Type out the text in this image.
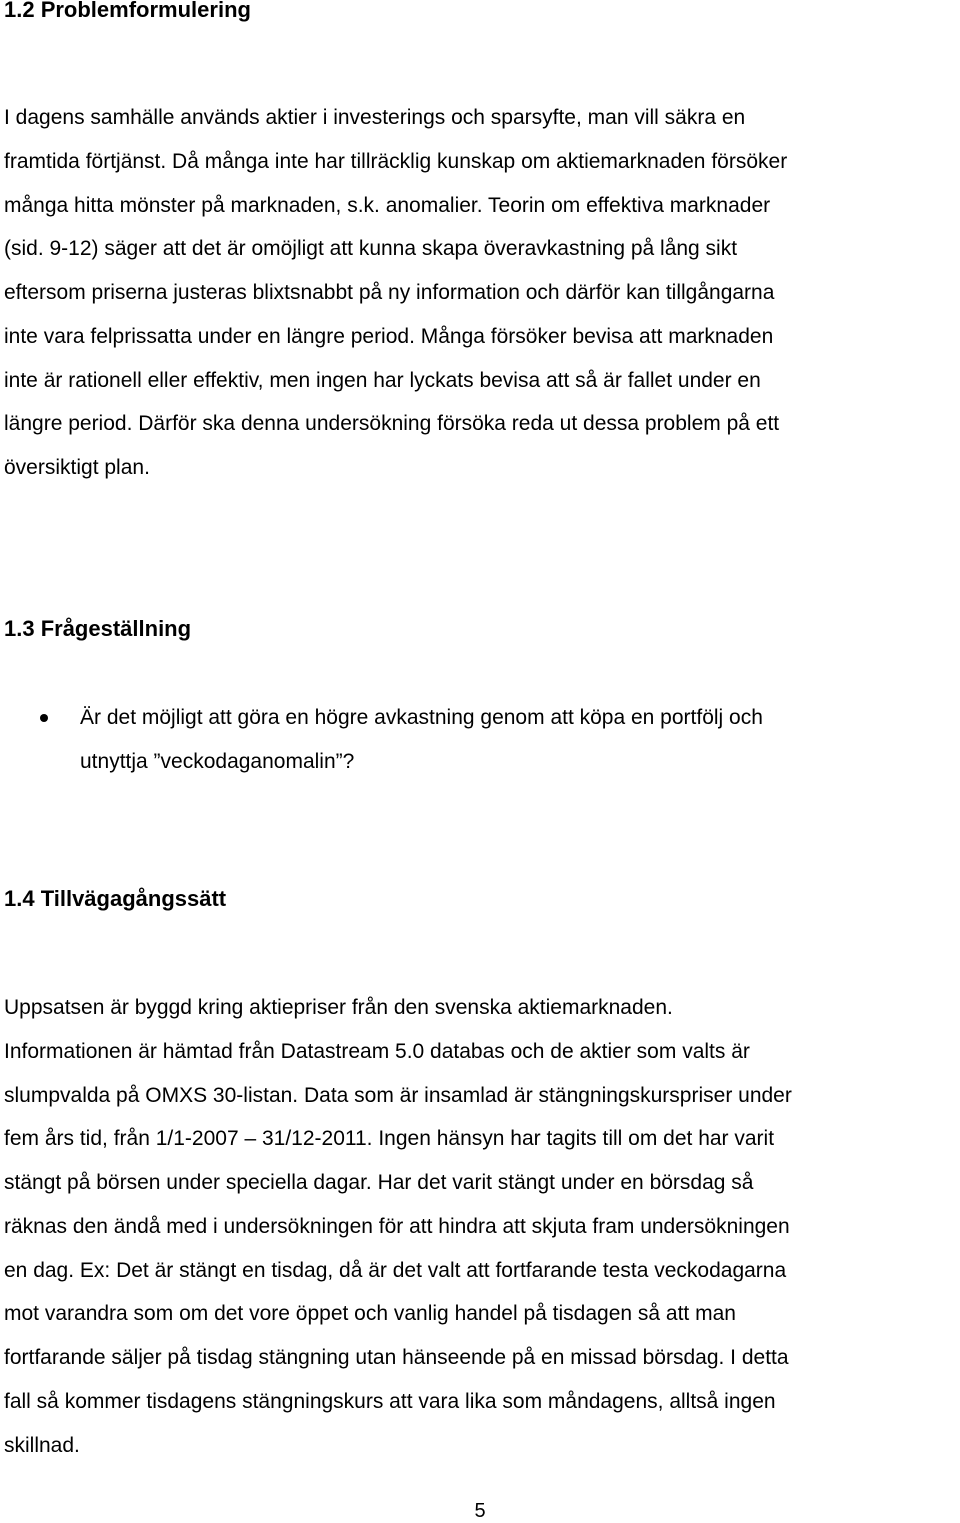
1.2 Problemformulering
I dagens samhälle används aktier i investerings och sparsyfte, man vill säkra en
framtida förtjänst. Då många inte har tillräcklig kunskap om aktiemarknaden försöker
många hitta mönster på marknaden, s.k. anomalier. Teorin om effektiva marknader
(sid. 9-12) säger att det är omöjligt att kunna skapa överavkastning på lång sikt
eftersom priserna justeras blixtsnabbt på ny information och därför kan tillgångarna
inte vara felprissatta under en längre period. Många försöker bevisa att marknaden
inte är rationell eller effektiv, men ingen har lyckats bevisa att så är fallet under en
längre period. Därför ska denna undersökning försöka reda ut dessa problem på ett
översiktigt plan.
1.3 Frågeställning
Är det möjligt att göra en högre avkastning genom att köpa en portfölj och
utnyttja ”veckodaganomalin”?
1.4 Tillvägagångssätt
Uppsatsen är byggd kring aktiepriser från den svenska aktiemarknaden.
Informationen är hämtad från Datastream 5.0 databas och de aktier som valts är
slumpvalda på OMXS 30-listan. Data som är insamlad är stängningskurspriser under
fem års tid, från 1/1-2007 – 31/12-2011. Ingen hänsyn har tagits till om det har varit
stängt på börsen under speciella dagar. Har det varit stängt under en börsdag så
räknas den ändå med i undersökningen för att hindra att skjuta fram undersökningen
en dag. Ex: Det är stängt en tisdag, då är det valt att fortfarande testa veckodagarna
mot varandra som om det vore öppet och vanlig handel på tisdagen så att man
fortfarande säljer på tisdag stängning utan hänseende på en missad börsdag. I detta
fall så kommer tisdagens stängningskurs att vara lika som måndagens, alltså ingen
skillnad.
5
